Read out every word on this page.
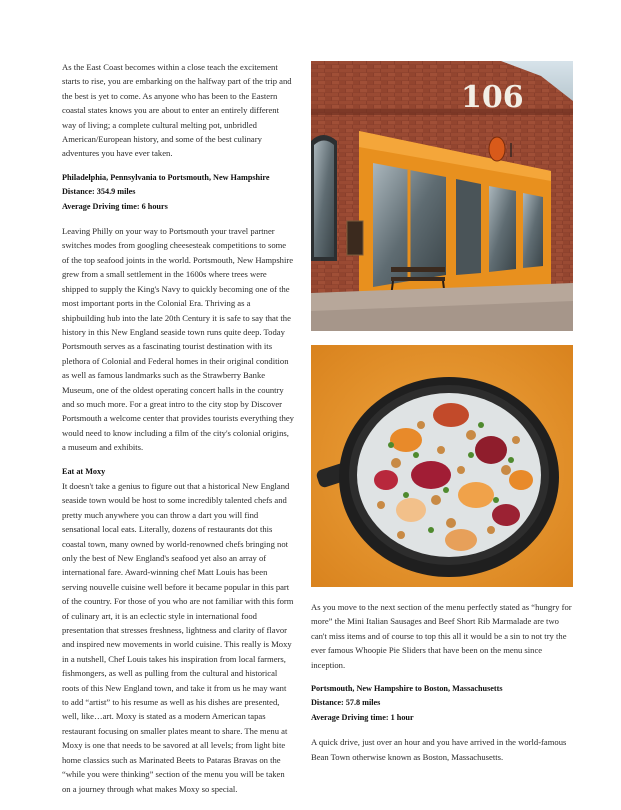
As the East Coast becomes within a close teach the excitement starts to rise, you are embarking on the halfway part of the trip and the best is yet to come. As anyone who has been to the Eastern coastal states knows you are about to enter an entirely different way of living; a complete cultural melting pot, unbridled American/European history, and some of the best culinary adventures you have ever taken.

Philadelphia, Pennsylvania to Portsmouth, New Hampshire
Distance: 354.9 miles
Average Driving time: 6 hours

Leaving Philly on your way to Portsmouth your travel partner switches modes from googling cheesesteak competitions to some of the top seafood joints in the world. Portsmouth, New Hampshire grew from a small settlement in the 1600s where trees were shipped to supply the King's Navy to quickly becoming one of the most important ports in the Colonial Era. Thriving as a shipbuilding hub into the late 20th Century it is safe to say that the history in this New England seaside town runs quite deep. Today Portsmouth serves as a fascinating tourist destination with its plethora of Colonial and Federal homes in their original condition as well as famous landmarks such as the Strawberry Banke Museum, one of the oldest operating concert halls in the country and so much more. For a great intro to the city stop by Discover Portsmouth a welcome center that provides tourists everything they would need to know including a film of the city's colonial origins, a museum and exhibits.

Eat at Moxy

It doesn't take a genius to figure out that a historical New England seaside town would be host to some incredibly talented chefs and pretty much anywhere you can throw a dart you will find sensational local eats. Literally, dozens of restaurants dot this coastal town, many owned by world-renowned chefs bringing not only the best of New England's seafood yet also an array of international fare. Award-winning chef Matt Louis has been serving nouvelle cuisine well before it became popular in this part of the country. For those of you who are not familiar with this form of culinary art, it is an eclectic style in international food presentation that stresses freshness, lightness and clarity of flavor and inspired new movements in world cuisine. This really is Moxy in a nutshell, Chef Louis takes his inspiration from local farmers, fishmongers, as well as pulling from the cultural and historical roots of this New England town, and take it from us he may want to add “artist” to his resume as well as his dishes are presented, well, like…art. Moxy is stated as a modern American tapas restaurant focusing on smaller plates meant to share. The menu at Moxy is one that needs to be savored at all levels; from light bite home classics such as Marinated Beets to Pataras Bravas on the “while you were thinking” section of the menu you will be taken on a journey through what makes Moxy so special.

106

As you move to the next section of the menu perfectly stated as “hungry for more” the Mini Italian Sausages and Beef Short Rib Marmalade are two can't miss items and of course to top this all it would be a sin to not try the ever famous Whoopie Pie Sliders that have been on the menu since inception.

Portsmouth, New Hampshire to Boston, Massachusetts
Distance: 57.8 miles
Average Driving time: 1 hour

A quick drive, just over an hour and you have arrived in the world-famous Bean Town otherwise known as Boston, Massachusetts.
